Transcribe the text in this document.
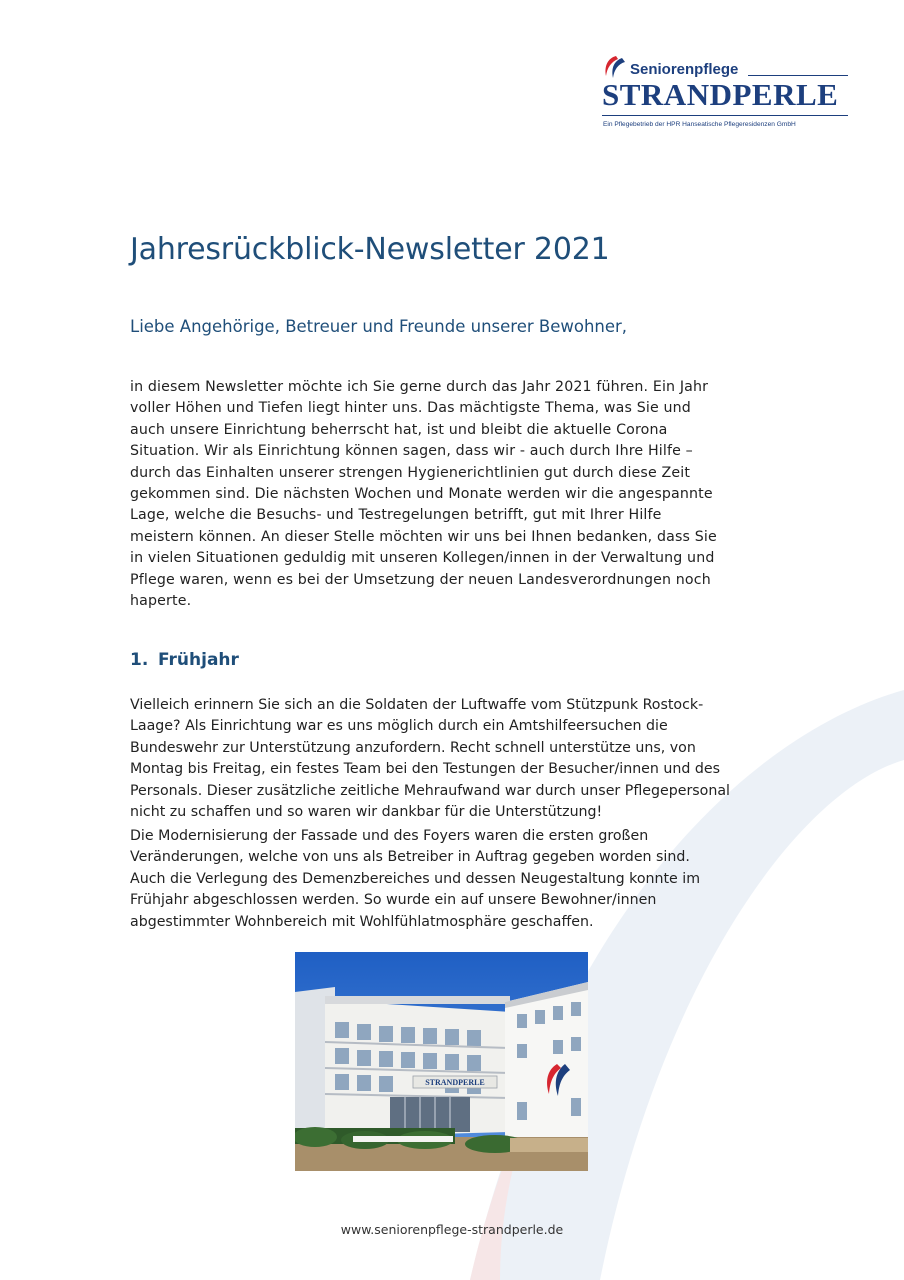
Seniorenpflege
STRANDPERLE
Ein Pflegebetrieb der HPR Hanseatische Pflegeresidenzen GmbH
Jahresrückblick-Newsletter 2021

Liebe Angehörige, Betreuer und Freunde unserer Bewohner,

in diesem Newsletter möchte ich Sie gerne durch das Jahr 2021 führen. Ein Jahr
voller Höhen und Tiefen liegt hinter uns. Das mächtigste Thema, was Sie und
auch unsere Einrichtung beherrscht hat, ist und bleibt die aktuelle Corona
Situation. Wir als Einrichtung können sagen, dass wir - auch durch Ihre Hilfe –
durch das Einhalten unserer strengen Hygienerichtlinien gut durch diese Zeit
gekommen sind. Die nächsten Wochen und Monate werden wir die angespannte
Lage, welche die Besuchs- und Testregelungen betrifft, gut mit Ihrer Hilfe
meistern können. An dieser Stelle möchten wir uns bei Ihnen bedanken, dass Sie
in vielen Situationen geduldig mit unseren Kollegen/innen in der Verwaltung und
Pflege waren, wenn es bei der Umsetzung der neuen Landesverordnungen noch
haperte.

1. Frühjahr

Vielleich erinnern Sie sich an die Soldaten der Luftwaffe vom Stützpunk Rostock-
Laage? Als Einrichtung war es uns möglich durch ein Amtshilfeersuchen die
Bundeswehr zur Unterstützung anzufordern. Recht schnell unterstütze uns, von
Montag bis Freitag, ein festes Team bei den Testungen der Besucher/innen und des
Personals. Dieser zusätzliche zeitliche Mehraufwand war durch unser Pflegepersonal
nicht zu schaffen und so waren wir dankbar für die Unterstützung!

Die Modernisierung der Fassade und des Foyers waren die ersten großen
Veränderungen, welche von uns als Betreiber in Auftrag gegeben worden sind.
Auch die Verlegung des Demenzbereiches und dessen Neugestaltung konnte im
Frühjahr abgeschlossen werden. So wurde ein auf unsere Bewohner/innen
abgestimmter Wohnbereich mit Wohlfühlatmosphäre geschaffen.

STRANDPERLE
www.seniorenpflege-strandperle.de
